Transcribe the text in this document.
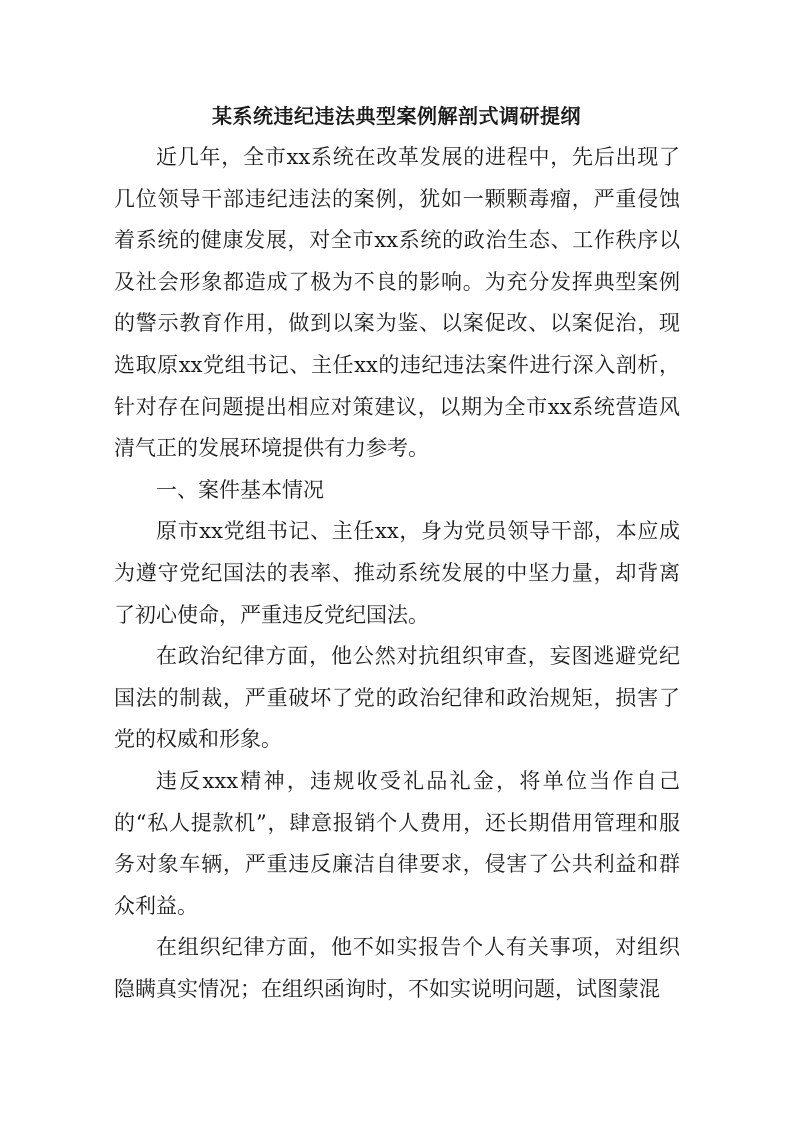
某系统违纪违法典型案例解剖式调研提纲

近几年，全市xx系统在改革发展的进程中，先后出现了几位领导干部违纪违法的案例，犹如一颗颗毒瘤，严重侵蚀着系统的健康发展，对全市xx系统的政治生态、工作秩序以及社会形象都造成了极为不良的影响。为充分发挥典型案例的警示教育作用，做到以案为鉴、以案促改、以案促治，现选取原xx党组书记、主任xx的违纪违法案件进行深入剖析，针对存在问题提出相应对策建议，以期为全市xx系统营造风清气正的发展环境提供有力参考。

一、案件基本情况

原市xx党组书记、主任xx，身为党员领导干部，本应成为遵守党纪国法的表率、推动系统发展的中坚力量，却背离了初心使命，严重违反党纪国法。

在政治纪律方面，他公然对抗组织审查，妄图逃避党纪国法的制裁，严重破坏了党的政治纪律和政治规矩，损害了党的权威和形象。

违反xxx精神，违规收受礼品礼金，将单位当作自己的“私人提款机”，肆意报销个人费用，还长期借用管理和服务对象车辆，严重违反廉洁自律要求，侵害了公共利益和群众利益。

在组织纪律方面，他不如实报告个人有关事项，对组织隐瞒真实情况；在组织函询时，不如实说明问题，试图蒙混
